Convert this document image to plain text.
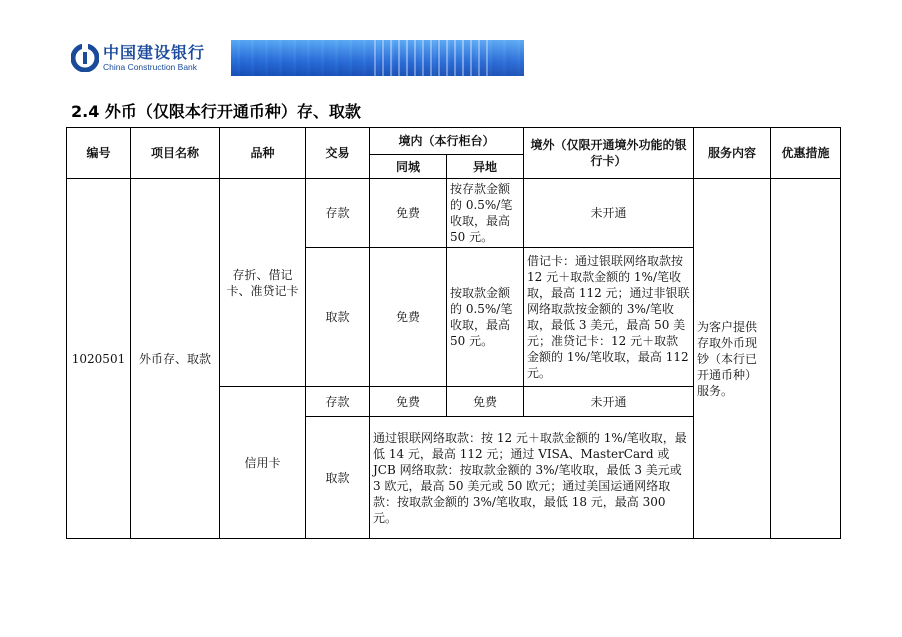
中国建设银行
China Construction Bank
2.4 外币（仅限本行开通币种）存、取款
编号	项目名称	品种	交易	境内（本行柜台）		境外（仅限开通境外功能的银行卡）	服务内容	优惠措施
				同城	异地			
1020501	外币存、取款	存折、借记卡、准贷记卡	存款	免费	按存款金额的 0.5%/笔收取，最高 50 元。	未开通	为客户提供存取外币现钞（本行已开通币种）服务。	
			取款	免费	按取款金额的 0.5%/笔收取，最高 50 元。	借记卡：通过银联网络取款按 12 元＋取款金额的 1%/笔收取，最高 112 元；通过非银联网络取款按金额的 3%/笔收取，最低 3 美元，最高 50 美元；准贷记卡：12 元＋取款金额的 1%/笔收取，最高 112 元。		
		信用卡	存款	免费	免费	未开通		
			取款	通过银联网络取款：按 12 元＋取款金额的 1%/笔收取，最低 14 元，最高 112 元；通过 VISA、MasterCard 或 JCB 网络取款：按取款金额的 3%/笔收取，最低 3 美元或 3 欧元，最高 50 美元或 50 欧元；通过美国运通网络取款：按取款金额的 3%/笔收取，最低 18 元，最高 300 元。				
